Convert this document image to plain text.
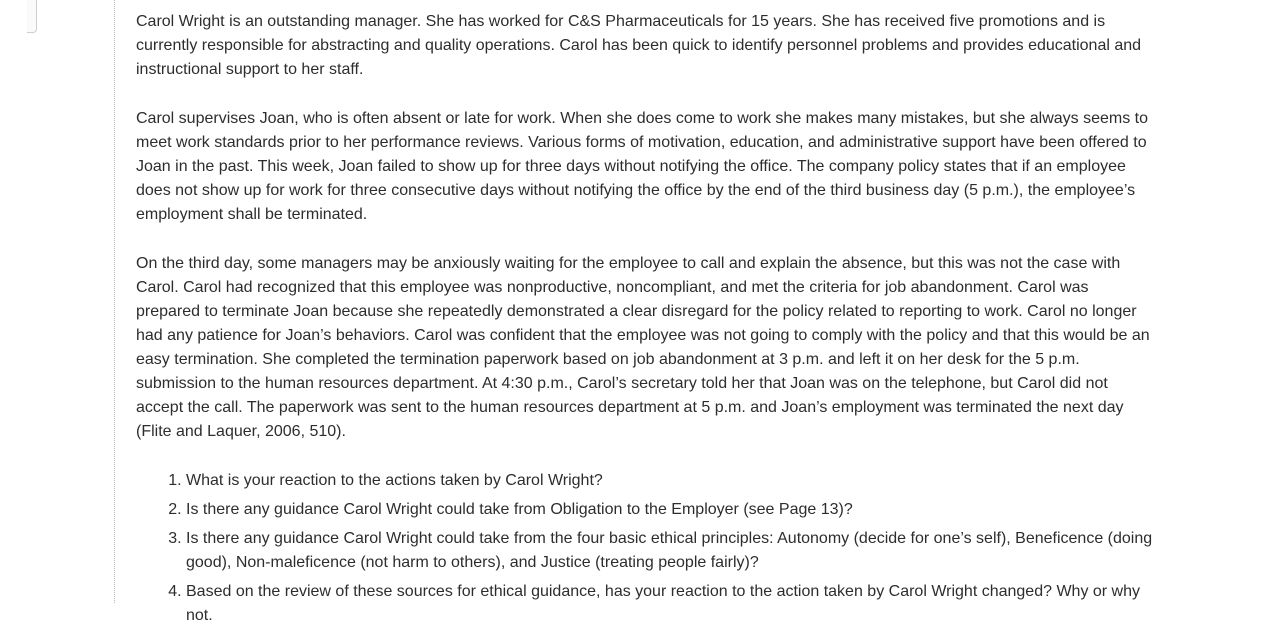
Carol Wright is an outstanding manager. She has worked for C&S Pharmaceuticals for 15 years. She has received five promotions and is currently responsible for abstracting and quality operations. Carol has been quick to identify personnel problems and provides educational and instructional support to her staff.

Carol supervises Joan, who is often absent or late for work. When she does come to work she makes many mistakes, but she always seems to meet work standards prior to her performance reviews. Various forms of motivation, education, and administrative support have been offered to Joan in the past. This week, Joan failed to show up for three days without notifying the office. The company policy states that if an employee does not show up for work for three consecutive days without notifying the office by the end of the third business day (5 p.m.), the employee’s employment shall be terminated.

On the third day, some managers may be anxiously waiting for the employee to call and explain the absence, but this was not the case with Carol. Carol had recognized that this employee was nonproductive, noncompliant, and met the criteria for job abandonment. Carol was prepared to terminate Joan because she repeatedly demonstrated a clear disregard for the policy related to reporting to work. Carol no longer had any patience for Joan’s behaviors. Carol was confident that the employee was not going to comply with the policy and that this would be an easy termination. She completed the termination paperwork based on job abandonment at 3 p.m. and left it on her desk for the 5 p.m. submission to the human resources department. At 4:30 p.m., Carol’s secretary told her that Joan was on the telephone, but Carol did not accept the call. The paperwork was sent to the human resources department at 5 p.m. and Joan’s employment was terminated the next day (Flite and Laquer, 2006, 510).

1. What is your reaction to the actions taken by Carol Wright?
2. Is there any guidance Carol Wright could take from Obligation to the Employer (see Page 13)?
3. Is there any guidance Carol Wright could take from the four basic ethical principles: Autonomy (decide for one’s self), Beneficence (doing good), Non-maleficence (not harm to others), and Justice (treating people fairly)?
4. Based on the review of these sources for ethical guidance, has your reaction to the action taken by Carol Wright changed? Why or why not.
